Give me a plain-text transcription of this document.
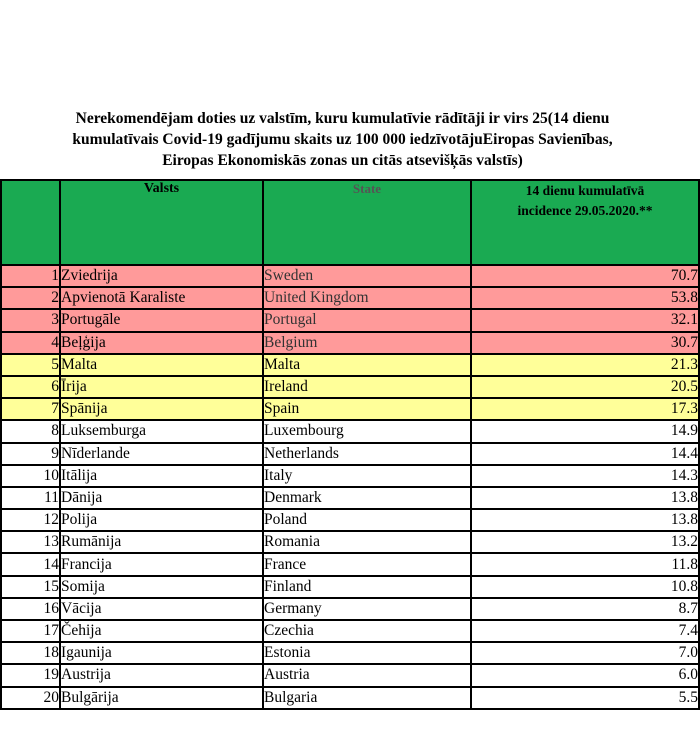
Nerekomendējam doties uz valstīm, kuru kumulatīvie rādītāji ir virs 25(14 dienu
kumulatīvais Covid-19 gadījumu skaits uz 100 000 iedzīvotājuEiropas Savienības,
Eiropas Ekonomiskās zonas un citās atsevišķās valstīs)
	Valsts	State	14 dienu kumulatīvā
incidence 29.05.2020.**

1	Zviedrija	Sweden	70.7
2	Apvienotā Karaliste	United Kingdom	53.8
3	Portugāle	Portugal	32.1
4	Beļģija	Belgium	30.7
5	Malta	Malta	21.3
6	Īrija	Ireland	20.5
7	Spānija	Spain	17.3
8	Luksemburga	Luxembourg	14.9
9	Nīderlande	Netherlands	14.4
10	Itālija	Italy	14.3
11	Dānija	Denmark	13.8
12	Polija	Poland	13.8
13	Rumānija	Romania	13.2
14	Francija	France	11.8
15	Somija	Finland	10.8
16	Vācija	Germany	8.7
17	Čehija	Czechia	7.4
18	Igaunija	Estonia	7.0
19	Austrija	Austria	6.0
20	Bulgārija	Bulgaria	5.5
